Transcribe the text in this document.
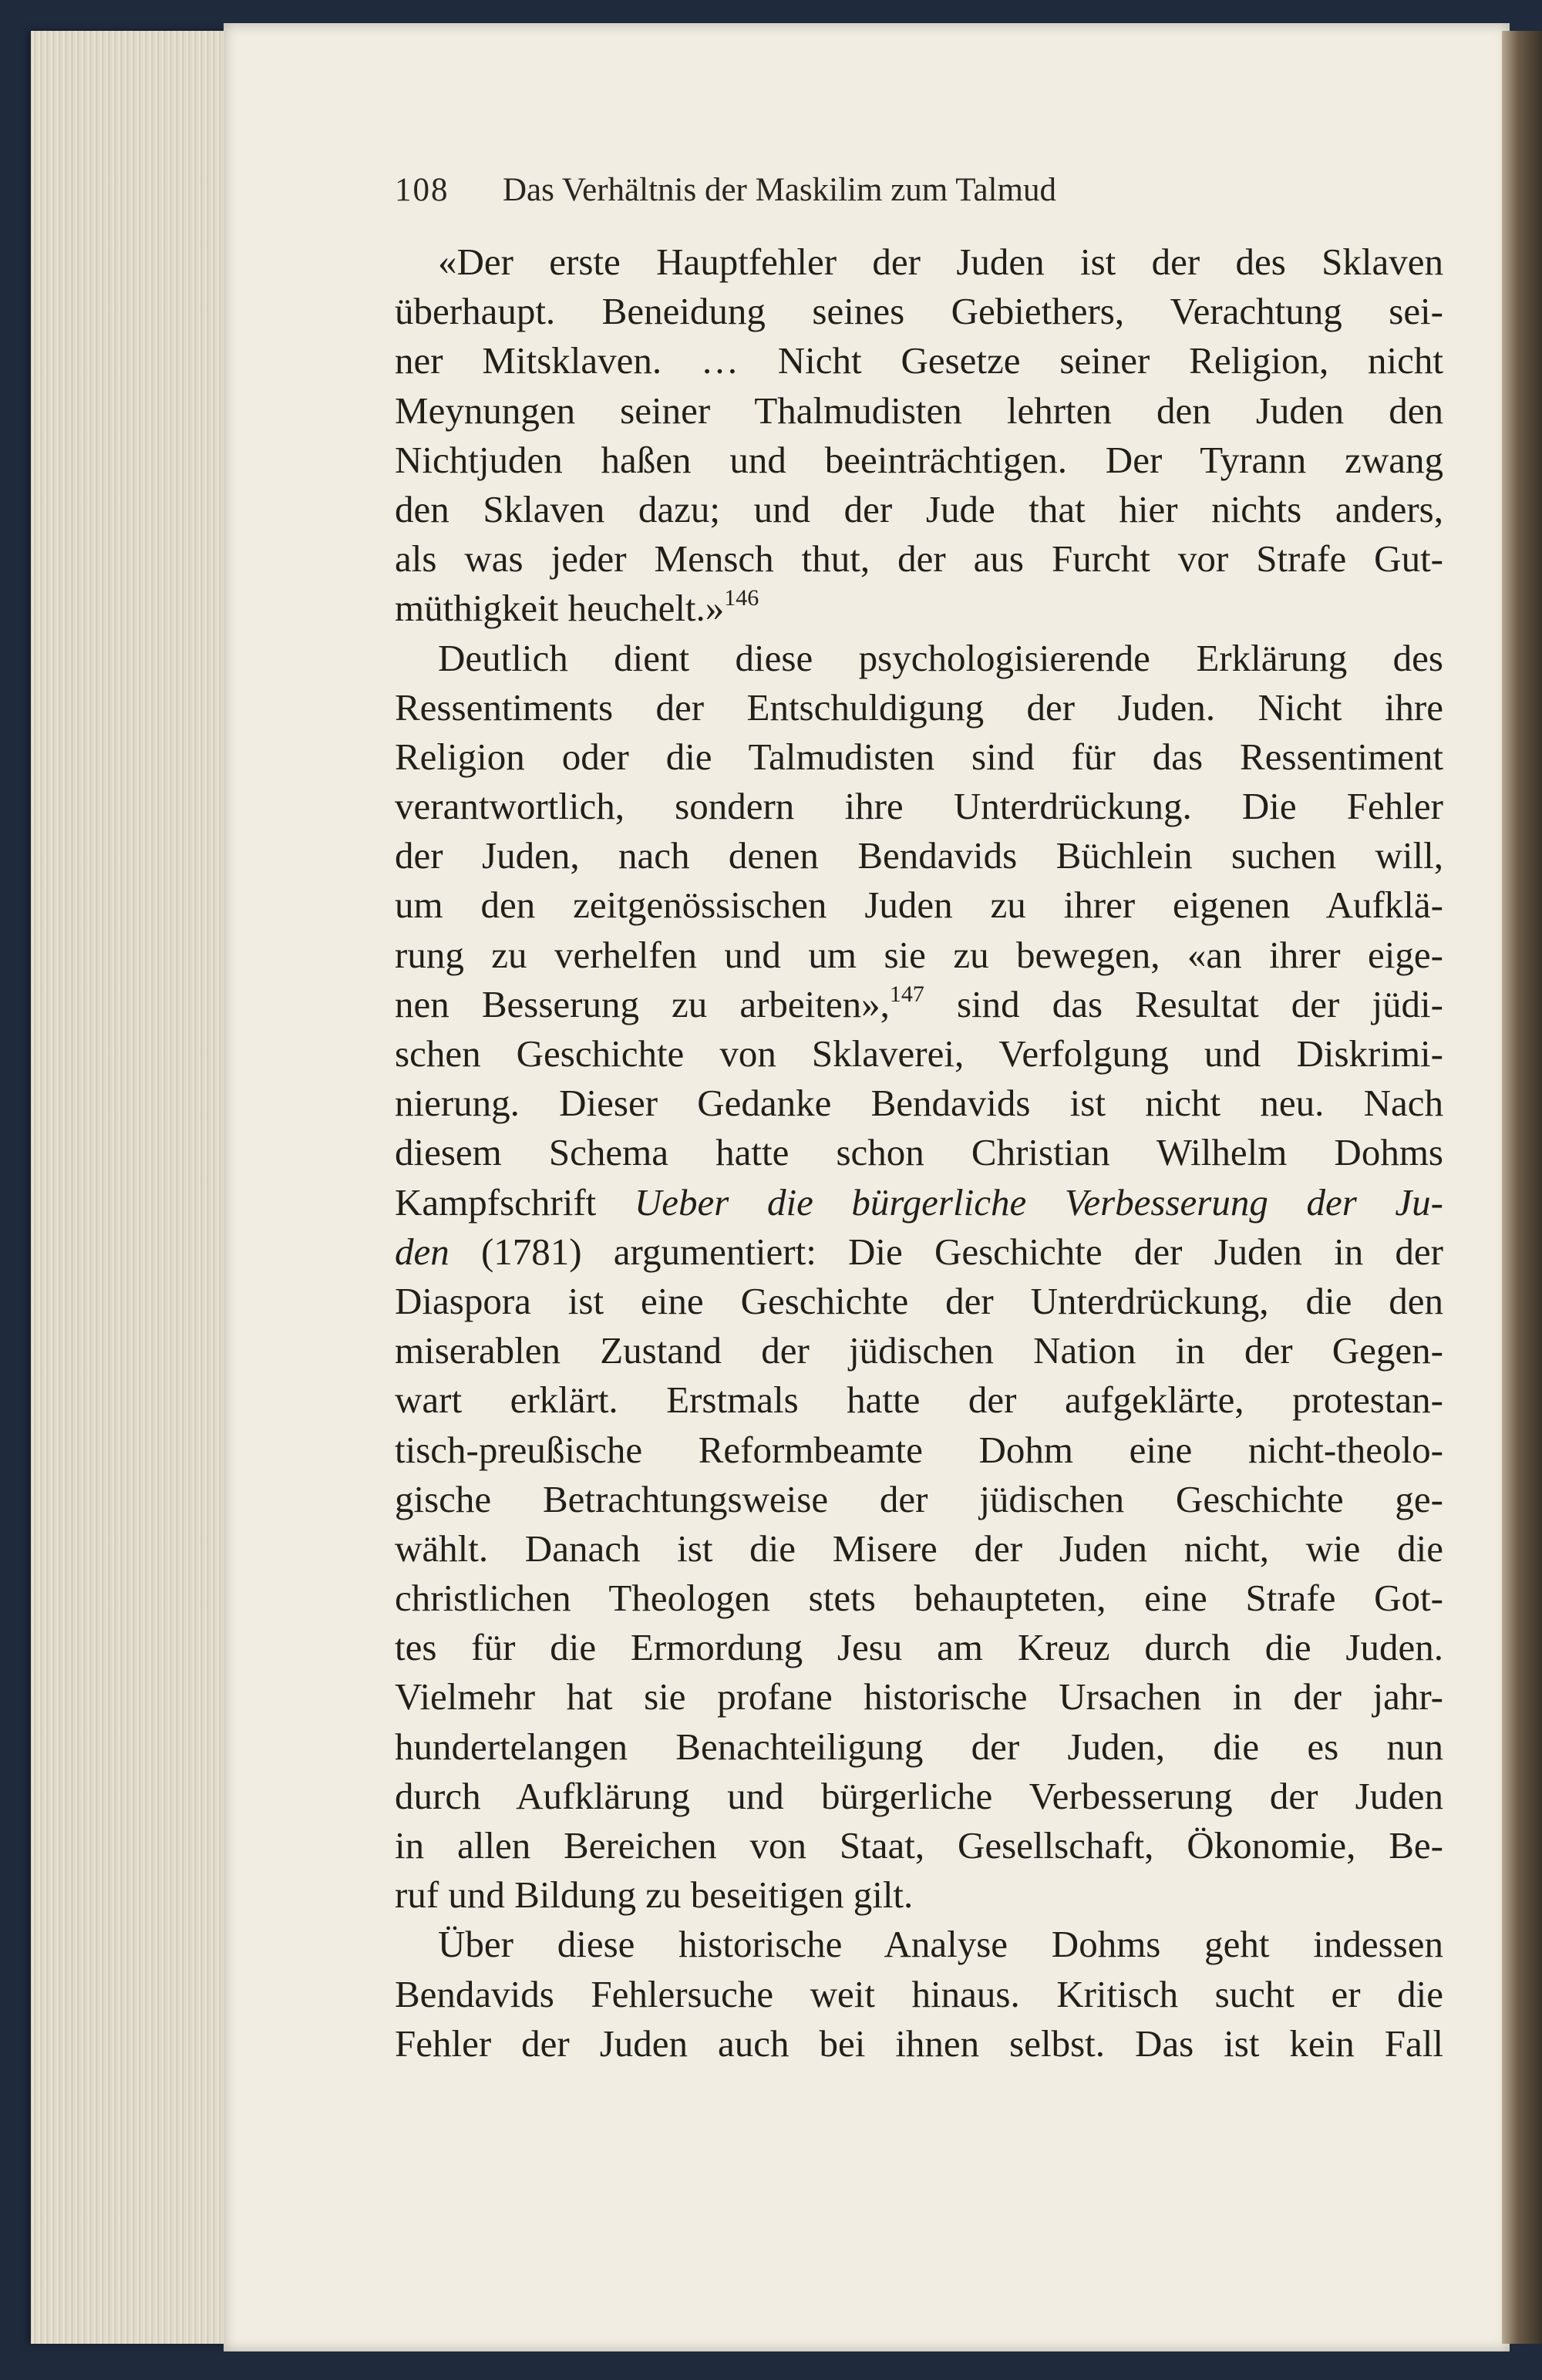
108 Das Verhältnis der Maskilim zum Talmud
«Der erste Hauptfehler der Juden ist der des Sklaven
überhaupt. Beneidung seines Gebiethers, Verachtung sei-
ner Mitsklaven. … Nicht Gesetze seiner Religion, nicht
Meynungen seiner Thalmudisten lehrten den Juden den
Nichtjuden haßen und beeinträchtigen. Der Tyrann zwang
den Sklaven dazu; und der Jude that hier nichts anders,
als was jeder Mensch thut, der aus Furcht vor Strafe Gut-
müthigkeit heuchelt.»$^{146}$
Deutlich dient diese psychologisierende Erklärung des
Ressentiments der Entschuldigung der Juden. Nicht ihre
Religion oder die Talmudisten sind für das Ressentiment
verantwortlich, sondern ihre Unterdrückung. Die Fehler
der Juden, nach denen Bendavids Büchlein suchen will,
um den zeitgenössischen Juden zu ihrer eigenen Aufklä-
rung zu verhelfen und um sie zu bewegen, «an ihrer eige-
nen Besserung zu arbeiten»,$^{147}$ sind das Resultat der jüdi-
schen Geschichte von Sklaverei, Verfolgung und Diskrimi-
nierung. Dieser Gedanke Bendavids ist nicht neu. Nach
diesem Schema hatte schon Christian Wilhelm Dohms
Kampfschrift Ueber die bürgerliche Verbesserung der Ju-
den (1781) argumentiert: Die Geschichte der Juden in der
Diaspora ist eine Geschichte der Unterdrückung, die den
miserablen Zustand der jüdischen Nation in der Gegen-
wart erklärt. Erstmals hatte der aufgeklärte, protestan-
tisch-preußische Reformbeamte Dohm eine nicht-theolo-
gische Betrachtungsweise der jüdischen Geschichte ge-
wählt. Danach ist die Misere der Juden nicht, wie die
christlichen Theologen stets behaupteten, eine Strafe Got-
tes für die Ermordung Jesu am Kreuz durch die Juden.
Vielmehr hat sie profane historische Ursachen in der jahr-
hundertelangen Benachteiligung der Juden, die es nun
durch Aufklärung und bürgerliche Verbesserung der Juden
in allen Bereichen von Staat, Gesellschaft, Ökonomie, Be-
ruf und Bildung zu beseitigen gilt.
Über diese historische Analyse Dohms geht indessen
Bendavids Fehlersuche weit hinaus. Kritisch sucht er die
Fehler der Juden auch bei ihnen selbst. Das ist kein Fall
